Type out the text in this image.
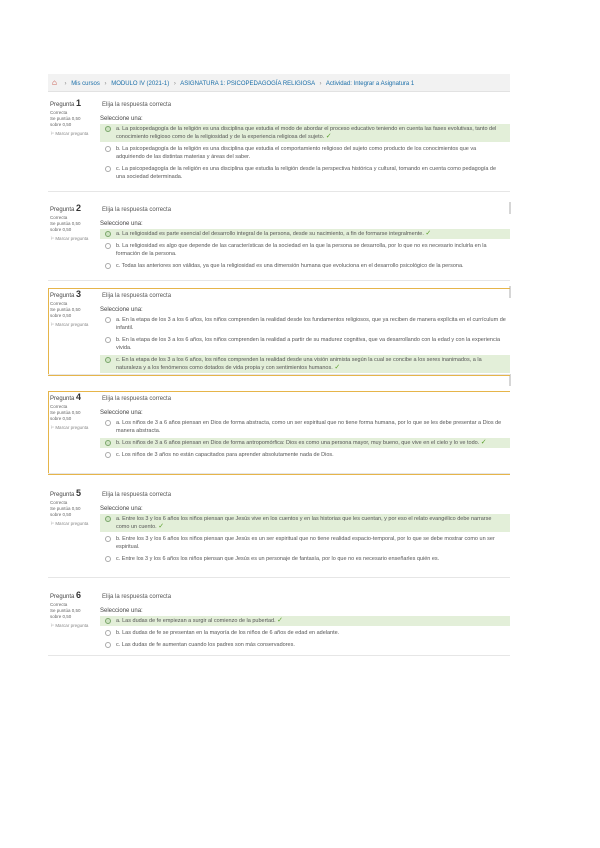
⌂ › Mis cursos › MODULO IV (2021-1) › ASIGNATURA 1: PSICOPEDAGOGÍA RELIGIOSA › Actividad: Integrar a Asignatura 1
Pregunta 1
Correcta
Se puntúa 0,50 sobre 0,50
⚐ Marcar pregunta
Elija la respuesta correcta
Seleccione una:
a. La psicopedagogía de la religión es una disciplina que estudia el modo de abordar el proceso educativo teniendo en cuenta las fases evolutivas, tanto del conocimiento religioso como de la religiosidad y de la experiencia religiosa del sujeto. ✓
b. La psicopedagogía de la religión es una disciplina que estudia el comportamiento religioso del sujeto como producto de los conocimientos que va adquiriendo de las distintas materias y áreas del saber.
c. La psicopedagogía de la religión es una disciplina que estudia la religión desde la perspectiva histórica y cultural, tomando en cuenta como pedagogía de una sociedad determinada.
Pregunta 2
Correcta
Se puntúa 0,50 sobre 0,50
⚐ Marcar pregunta
Elija la respuesta correcta
Seleccione una:
a. La religiosidad es parte esencial del desarrollo integral de la persona, desde su nacimiento, a fin de formarse integralmente. ✓
b. La religiosidad es algo que depende de las características de la sociedad en la que la persona se desarrolla, por lo que no es necesario incluirla en la formación de la persona.
c. Todas las anteriores son válidas, ya que la religiosidad es una dimensión humana que evoluciona en el desarrollo psicológico de la persona.
Pregunta 3
Correcta
Se puntúa 0,50 sobre 0,50
⚐ Marcar pregunta
Elija la respuesta correcta
Seleccione una:
a. En la etapa de los 3 a los 6 años, los niños comprenden la realidad desde los fundamentos religiosos, que ya reciben de manera explícita en el currículum de infantil.
b. En la etapa de los 3 a los 6 años, los niños comprenden la realidad a partir de su madurez cognitiva, que va desarrollando con la edad y con la experiencia vivida.
c. En la etapa de los 3 a los 6 años, los niños comprenden la realidad desde una visión animista según la cual se concibe a los seres inanimados, a la naturaleza y a los fenómenos como dotados de vida propia y con sentimientos humanos. ✓
Pregunta 4
Correcta
Se puntúa 0,50 sobre 0,50
⚐ Marcar pregunta
Elija la respuesta correcta
Seleccione una:
a. Los niños de 3 a 6 años piensan en Dios de forma abstracta, como un ser espiritual que no tiene forma humana, por lo que se les debe presentar a Dios de manera abstracta.
b. Los niños de 3 a 6 años piensan en Dios de forma antropomórfica: Dios es como una persona mayor, muy bueno, que vive en el cielo y lo ve todo. ✓
c. Los niños de 3 años no están capacitados para aprender absolutamente nada de Dios.
Pregunta 5
Correcta
Se puntúa 0,50 sobre 0,50
⚐ Marcar pregunta
Elija la respuesta correcta
Seleccione una:
a. Entre los 3 y los 6 años los niños piensan que Jesús vive en los cuentos y en las historias que les cuentan, y por eso el relato evangélico debe narrarse como un cuento. ✓
b. Entre los 3 y los 6 años los niños piensan que Jesús es un ser espiritual que no tiene realidad espacio-temporal, por lo que se debe mostrar como un ser espiritual.
c. Entre los 3 y los 6 años los niños piensan que Jesús es un personaje de fantasía, por lo que no es necesario enseñarles quién es.
Pregunta 6
Correcta
Se puntúa 0,50 sobre 0,50
⚐ Marcar pregunta
Elija la respuesta correcta
Seleccione una:
a. Las dudas de fe empiezan a surgir al comienzo de la pubertad. ✓
b. Las dudas de fe se presentan en la mayoría de los niños de 6 años de edad en adelante.
c. Las dudas de fe aumentan cuando los padres son más conservadores.
